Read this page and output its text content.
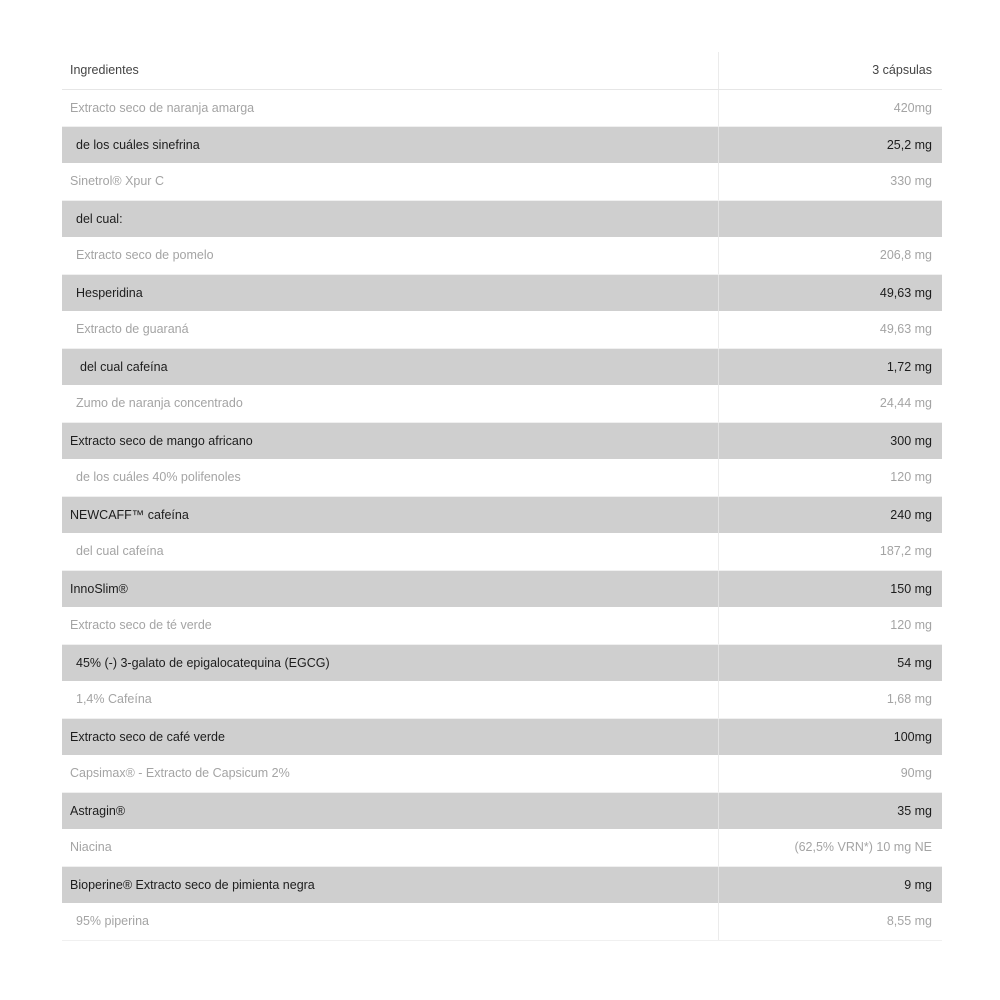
Ingredientes	3 cápsulas
Extracto seco de naranja amarga	420mg
de los cuáles sinefrina	25,2 mg
Sinetrol® Xpur C	330 mg
del cual:	
Extracto seco de pomelo	206,8 mg
Hesperidina	49,63 mg
Extracto de guaraná	49,63 mg
del cual cafeína	1,72 mg
Zumo de naranja concentrado	24,44 mg
Extracto seco de mango africano	300 mg
de los cuáles 40% polifenoles	120 mg
NEWCAFF™ cafeína	240 mg
del cual cafeína	187,2 mg
InnoSlim®	150 mg
Extracto seco de té verde	120 mg
45% (-) 3-galato de epigalocatequina (EGCG)	54 mg
1,4% Cafeína	1,68 mg
Extracto seco de café verde	100mg
Capsimax® - Extracto de Capsicum 2%	90mg
Astragin®	35 mg
Niacina	(62,5% VRN*) 10 mg NE
Bioperine® Extracto seco de pimienta negra	9 mg
95% piperina	8,55 mg
